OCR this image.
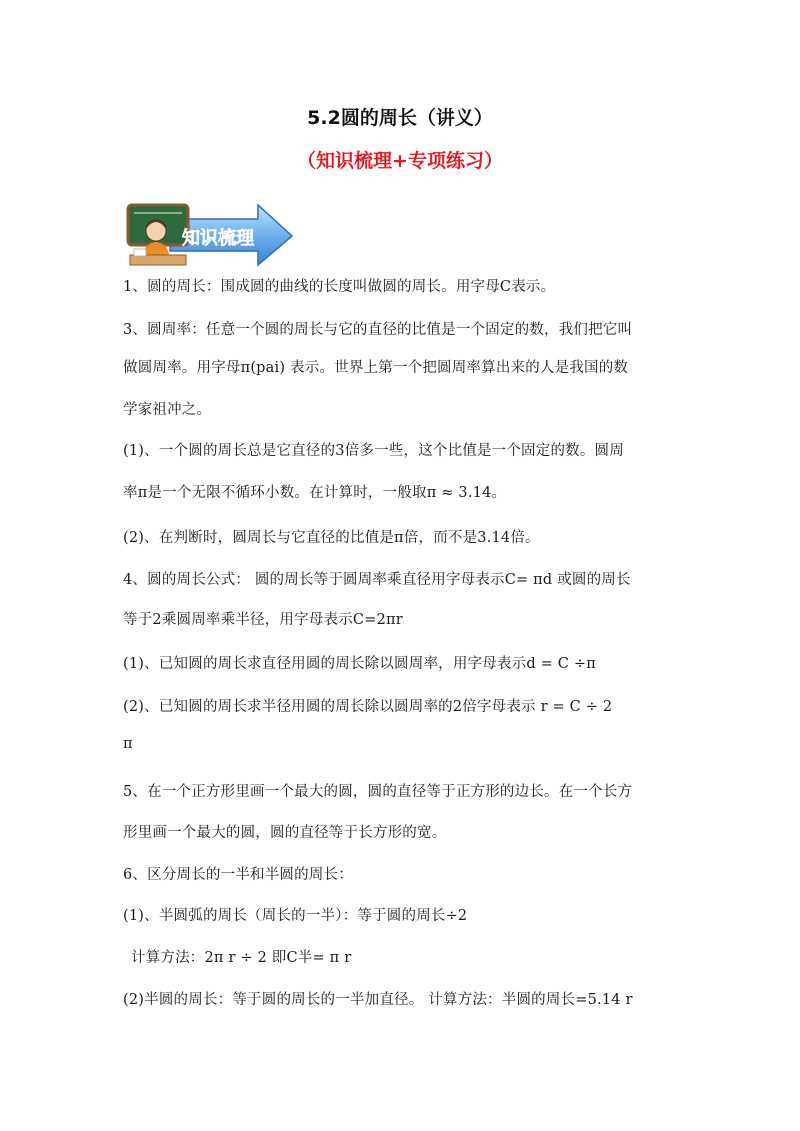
5.2圆的周长（讲义）
（知识梳理+专项练习）
知识梳理
1、圆的周长：围成圆的曲线的长度叫做圆的周长。用字母C表示。
3、圆周率：任意一个圆的周长与它的直径的比值是一个固定的数，我们把它叫
做圆周率。用字母π(pai) 表示。世界上第一个把圆周率算出来的人是我国的数
学家祖冲之。
(1)、一个圆的周长总是它直径的3倍多一些，这个比值是一个固定的数。圆周
率π是一个无限不循环小数。在计算时，一般取π ≈ 3.14。
(2)、在判断时，圆周长与它直径的比值是π倍，而不是3.14倍。
4、圆的周长公式： 圆的周长等于圆周率乘直径用字母表示C= πd 或圆的周长
等于2乘圆周率乘半径，用字母表示C=2πr
(1)、已知圆的周长求直径用圆的周长除以圆周率，用字母表示d = C ÷π
(2)、已知圆的周长求半径用圆的周长除以圆周率的2倍字母表示 r = C ÷ 2
π
5、在一个正方形里画一个最大的圆，圆的直径等于正方形的边长。在一个长方
形里画一个最大的圆，圆的直径等于长方形的宽。
6、区分周长的一半和半圆的周长：
(1)、半圆弧的周长（周长的一半）：等于圆的周长÷2
计算方法：2π r ÷ 2 即C半= π r
(2)半圆的周长：等于圆的周长的一半加直径。 计算方法：半圆的周长=5.14 r
